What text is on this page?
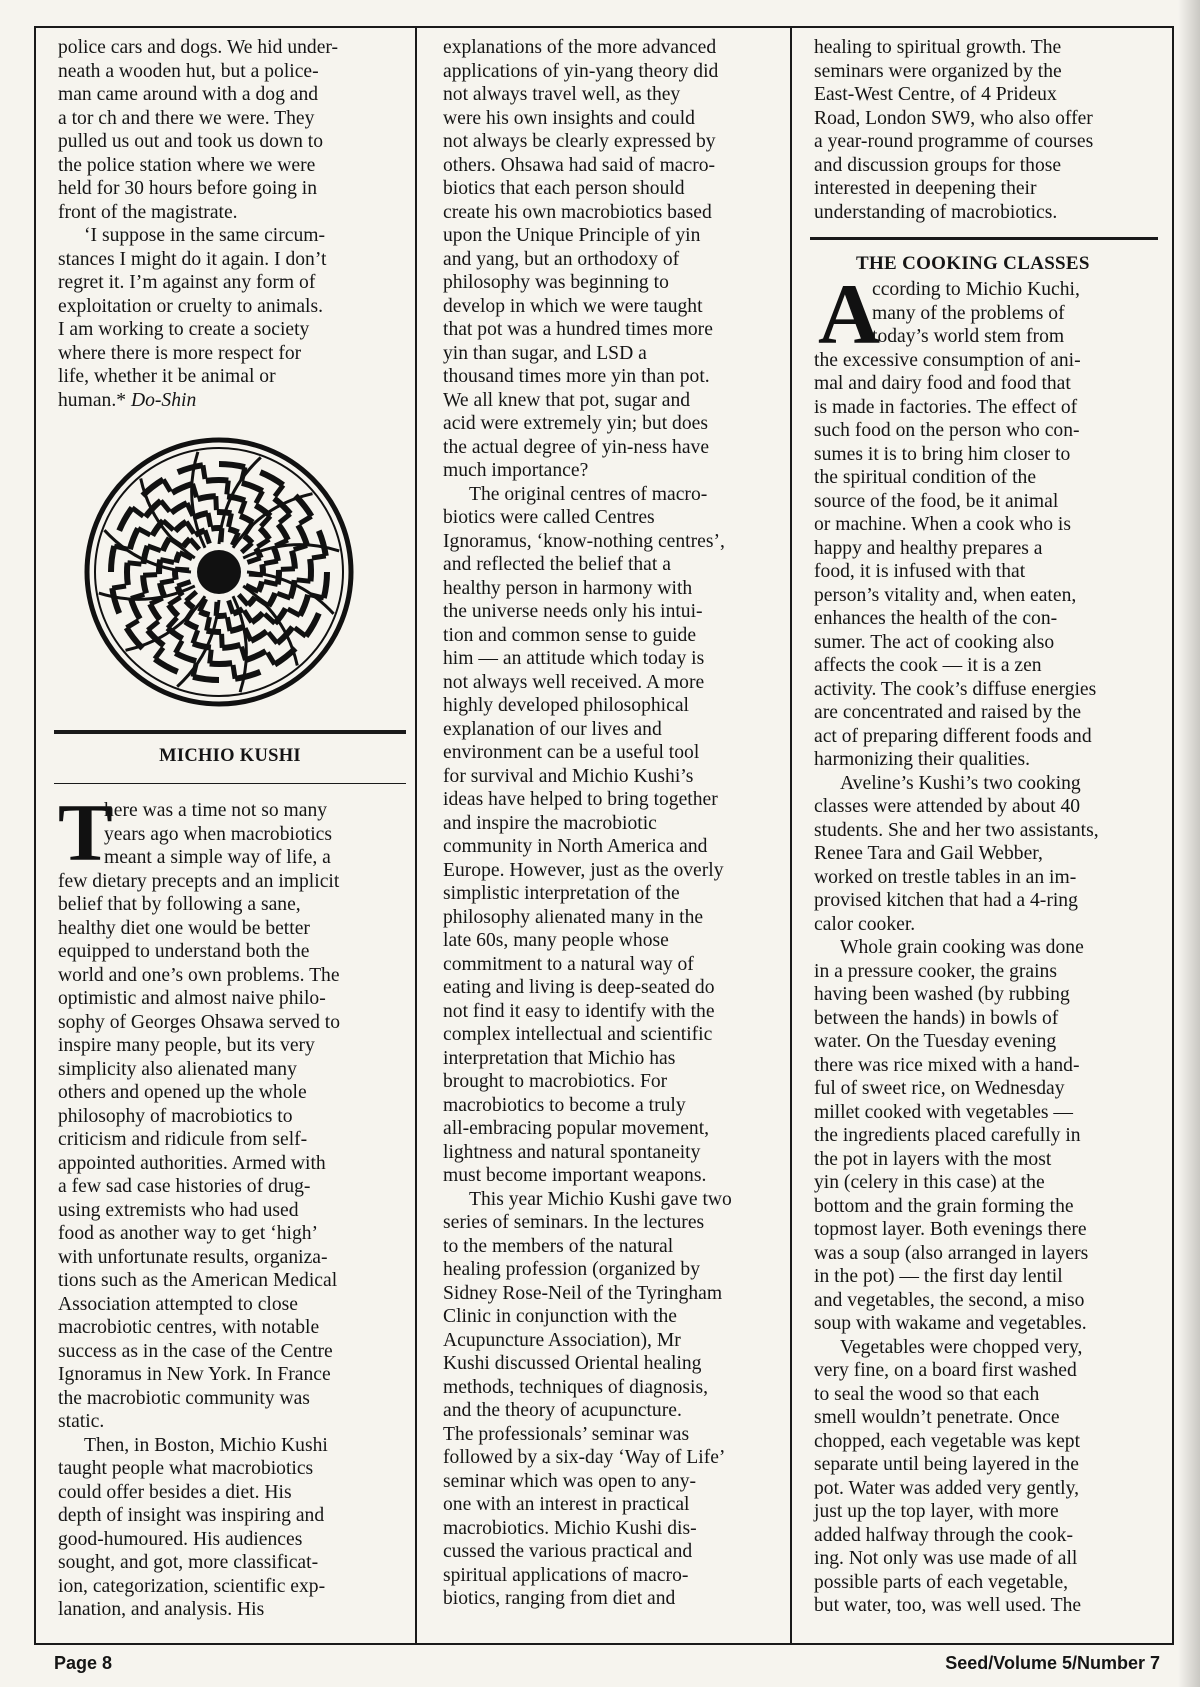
police cars and dogs. We hid under-
neath a wooden hut, but a police-
man came around with a dog and
a tor ch and there we were. They
pulled us out and took us down to
the police station where we were
held for 30 hours before going in
front of the magistrate.
‘I suppose in the same circum-
stances I might do it again. I don’t
regret it. I’m against any form of
exploitation or cruelty to animals.
I am working to create a society
where there is more respect for
life, whether it be animal or
human.* Do-Shin
MICHIO KUSHI
T
here was a time not so many
years ago when macrobiotics
meant a simple way of life, a
few dietary precepts and an implicit
belief that by following a sane,
healthy diet one would be better
equipped to understand both the
world and one’s own problems. The
optimistic and almost naive philo-
sophy of Georges Ohsawa served to
inspire many people, but its very
simplicity also alienated many
others and opened up the whole
philosophy of macrobiotics to
criticism and ridicule from self-
appointed authorities. Armed with
a few sad case histories of drug-
using extremists who had used
food as another way to get ‘high’
with unfortunate results, organiza-
tions such as the American Medical
Association attempted to close
macrobiotic centres, with notable
success as in the case of the Centre
Ignoramus in New York. In France
the macrobiotic community was
static.
Then, in Boston, Michio Kushi
taught people what macrobiotics
could offer besides a diet. His
depth of insight was inspiring and
good-humoured. His audiences
sought, and got, more classificat-
ion, categorization, scientific exp-
lanation, and analysis. His
explanations of the more advanced
applications of yin-yang theory did
not always travel well, as they
were his own insights and could
not always be clearly expressed by
others. Ohsawa had said of macro-
biotics that each person should
create his own macrobiotics based
upon the Unique Principle of yin
and yang, but an orthodoxy of
philosophy was beginning to
develop in which we were taught
that pot was a hundred times more
yin than sugar, and LSD a
thousand times more yin than pot.
We all knew that pot, sugar and
acid were extremely yin; but does
the actual degree of yin-ness have
much importance?
The original centres of macro-
biotics were called Centres
Ignoramus, ‘know-nothing centres’,
and reflected the belief that a
healthy person in harmony with
the universe needs only his intui-
tion and common sense to guide
him — an attitude which today is
not always well received. A more
highly developed philosophical
explanation of our lives and
environment can be a useful tool
for survival and Michio Kushi’s
ideas have helped to bring together
and inspire the macrobiotic
community in North America and
Europe. However, just as the overly
simplistic interpretation of the
philosophy alienated many in the
late 60s, many people whose
commitment to a natural way of
eating and living is deep-seated do
not find it easy to identify with the
complex intellectual and scientific
interpretation that Michio has
brought to macrobiotics. For
macrobiotics to become a truly
all-embracing popular movement,
lightness and natural spontaneity
must become important weapons.
This year Michio Kushi gave two
series of seminars. In the lectures
to the members of the natural
healing profession (organized by
Sidney Rose-Neil of the Tyringham
Clinic in conjunction with the
Acupuncture Association), Mr
Kushi discussed Oriental healing
methods, techniques of diagnosis,
and the theory of acupuncture.
The professionals’ seminar was
followed by a six-day ‘Way of Life’
seminar which was open to any-
one with an interest in practical
macrobiotics. Michio Kushi dis-
cussed the various practical and
spiritual applications of macro-
biotics, ranging from diet and
healing to spiritual growth. The
seminars were organized by the
East-West Centre, of 4 Prideux
Road, London SW9, who also offer
a year-round programme of courses
and discussion groups for those
interested in deepening their
understanding of macrobiotics.
THE COOKING CLASSES
A
ccording to Michio Kuchi,
many of the problems of
today’s world stem from
the excessive consumption of ani-
mal and dairy food and food that
is made in factories. The effect of
such food on the person who con-
sumes it is to bring him closer to
the spiritual condition of the
source of the food, be it animal
or machine. When a cook who is
happy and healthy prepares a
food, it is infused with that
person’s vitality and, when eaten,
enhances the health of the con-
sumer. The act of cooking also
affects the cook — it is a zen
activity. The cook’s diffuse energies
are concentrated and raised by the
act of preparing different foods and
harmonizing their qualities.
Aveline’s Kushi’s two cooking
classes were attended by about 40
students. She and her two assistants,
Renee Tara and Gail Webber,
worked on trestle tables in an im-
provised kitchen that had a 4-ring
calor cooker.
Whole grain cooking was done
in a pressure cooker, the grains
having been washed (by rubbing
between the hands) in bowls of
water. On the Tuesday evening
there was rice mixed with a hand-
ful of sweet rice, on Wednesday
millet cooked with vegetables —
the ingredients placed carefully in
the pot in layers with the most
yin (celery in this case) at the
bottom and the grain forming the
topmost layer. Both evenings there
was a soup (also arranged in layers
in the pot) — the first day lentil
and vegetables, the second, a miso
soup with wakame and vegetables.
Vegetables were chopped very,
very fine, on a board first washed
to seal the wood so that each
smell wouldn’t penetrate. Once
chopped, each vegetable was kept
separate until being layered in the
pot. Water was added very gently,
just up the top layer, with more
added halfway through the cook-
ing. Not only was use made of all
possible parts of each vegetable,
but water, too, was well used. The
Page 8	Seed/Volume 5/Number 7
